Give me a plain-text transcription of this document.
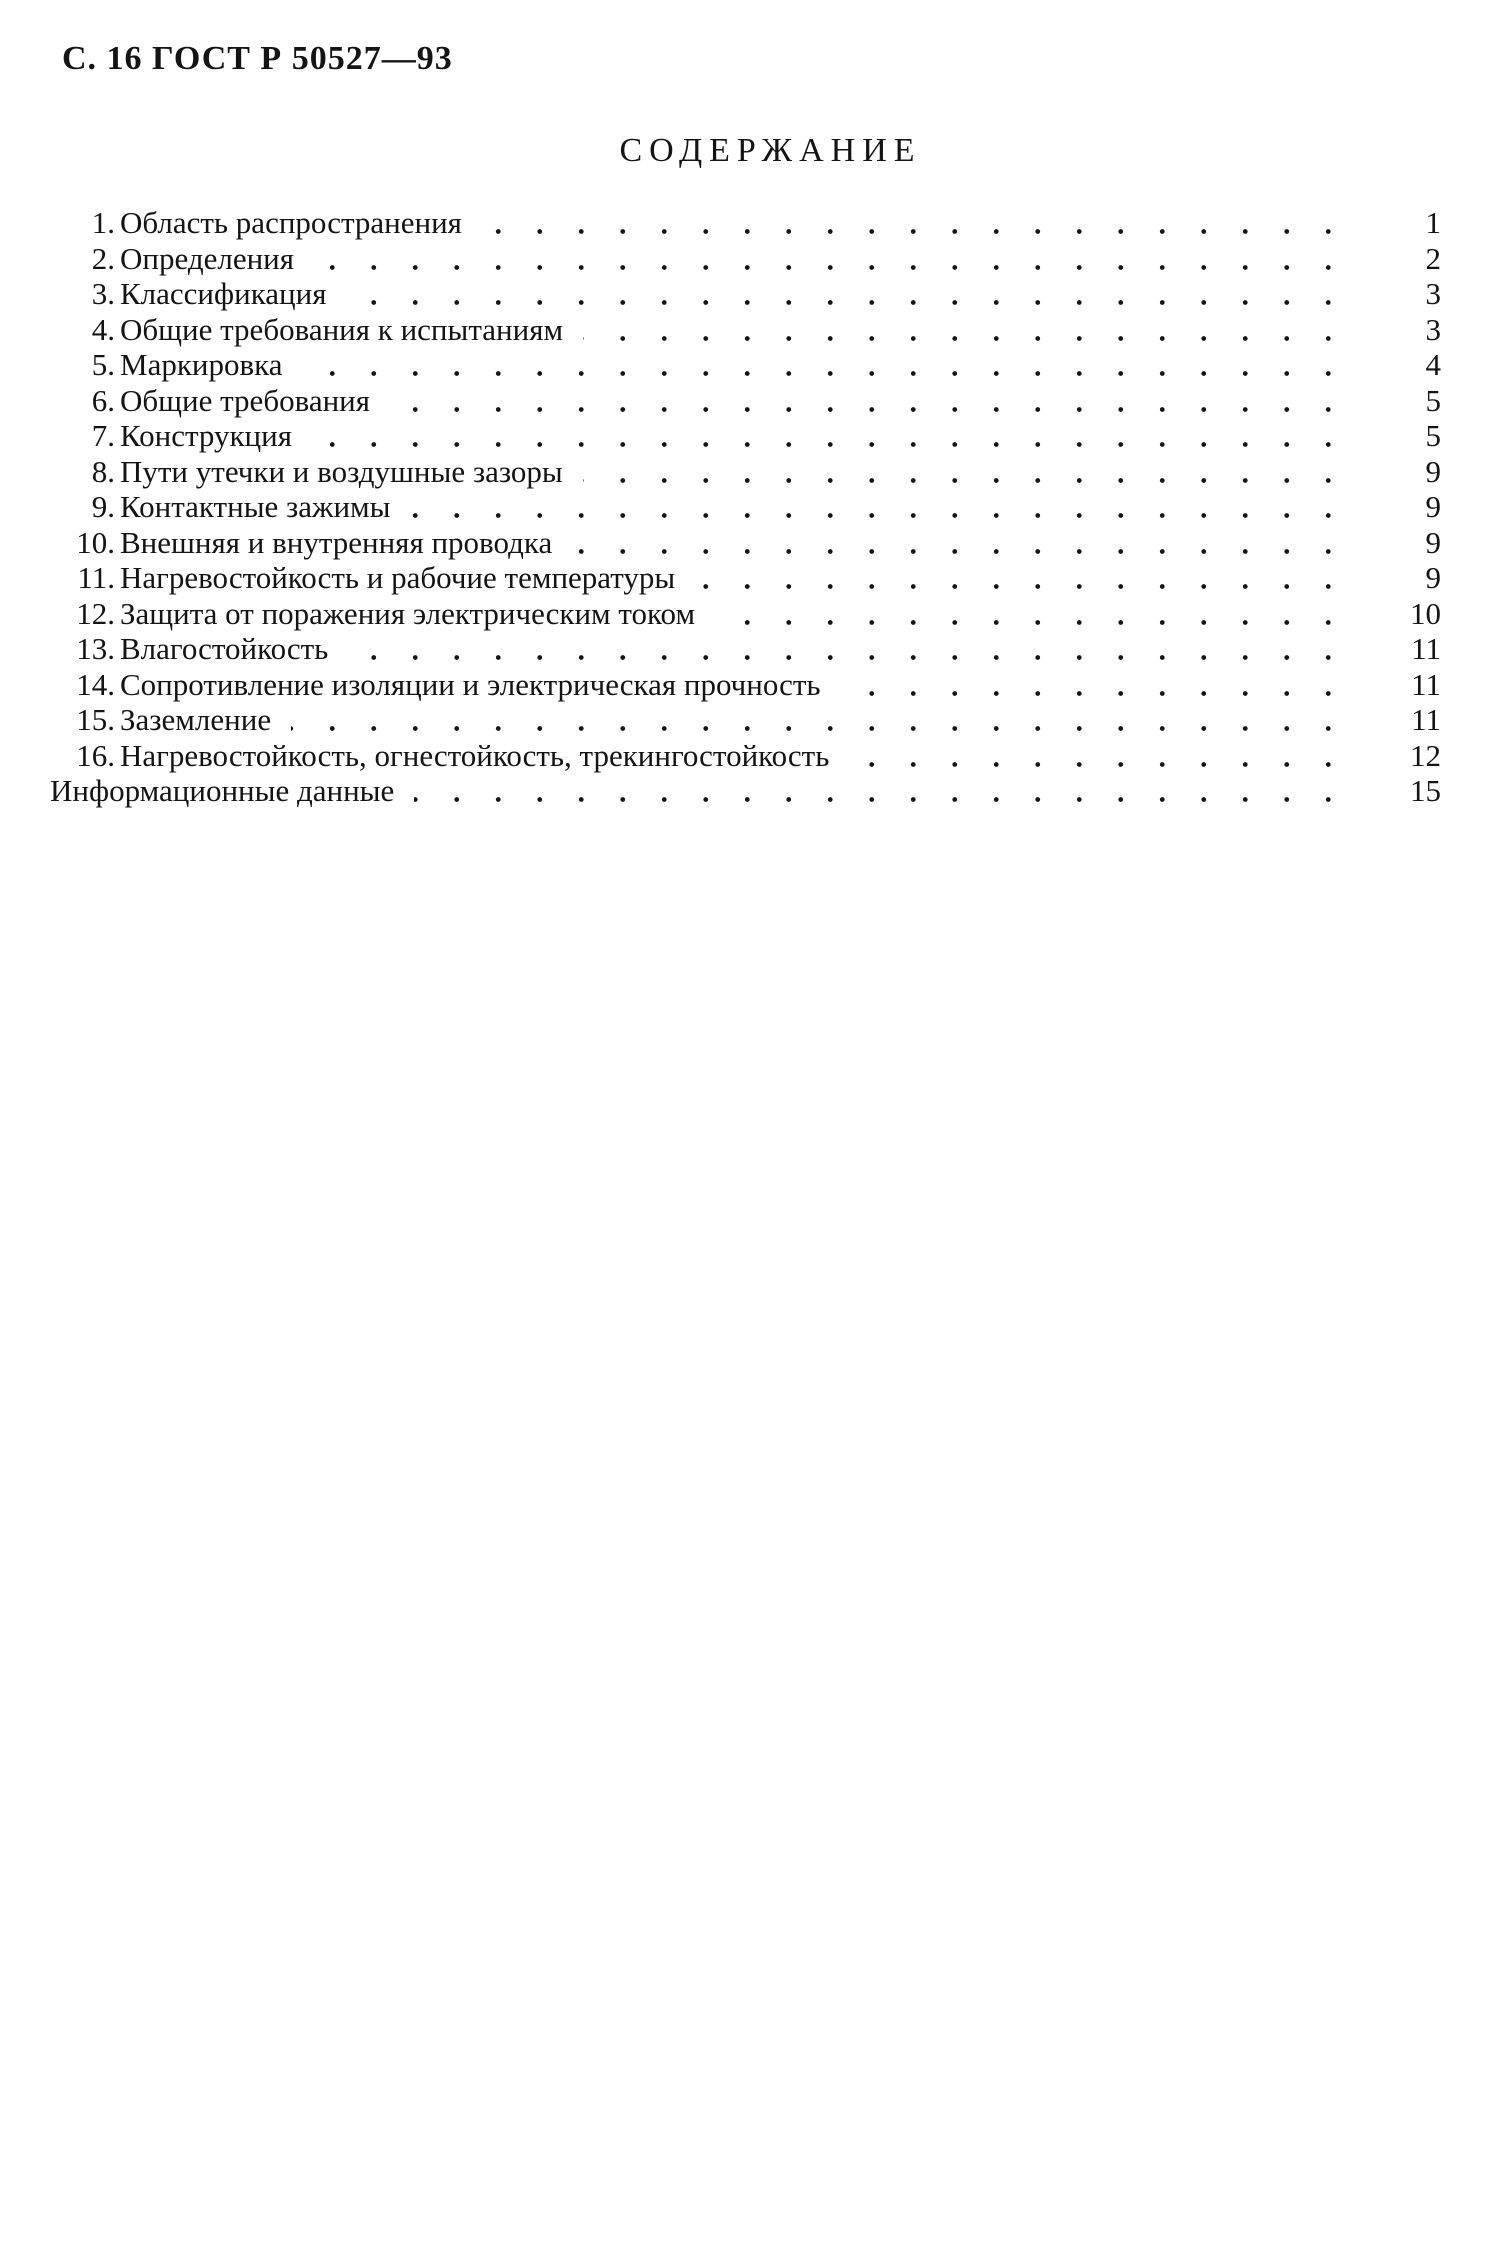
С. 16 ГОСТ Р 50527—93
СОДЕРЖАНИЕ
1. Область распространения	1
2. Определения	2
3. Классификация	3
4. Общие требования к испытаниям	3
5. Маркировка	4
6. Общие требования	5
7. Конструкция	5
8. Пути утечки и воздушные зазоры	9
9. Контактные зажимы	9
10. Внешняя и внутренняя проводка	9
11. Нагревостойкость и рабочие температуры	9
12. Защита от поражения электрическим током	10
13. Влагостойкость	11
14. Сопротивление изоляции и электрическая прочность	11
15. Заземление	11
16. Нагревостойкость, огнестойкость, трекингостойкость	12
Информационные данные	15
